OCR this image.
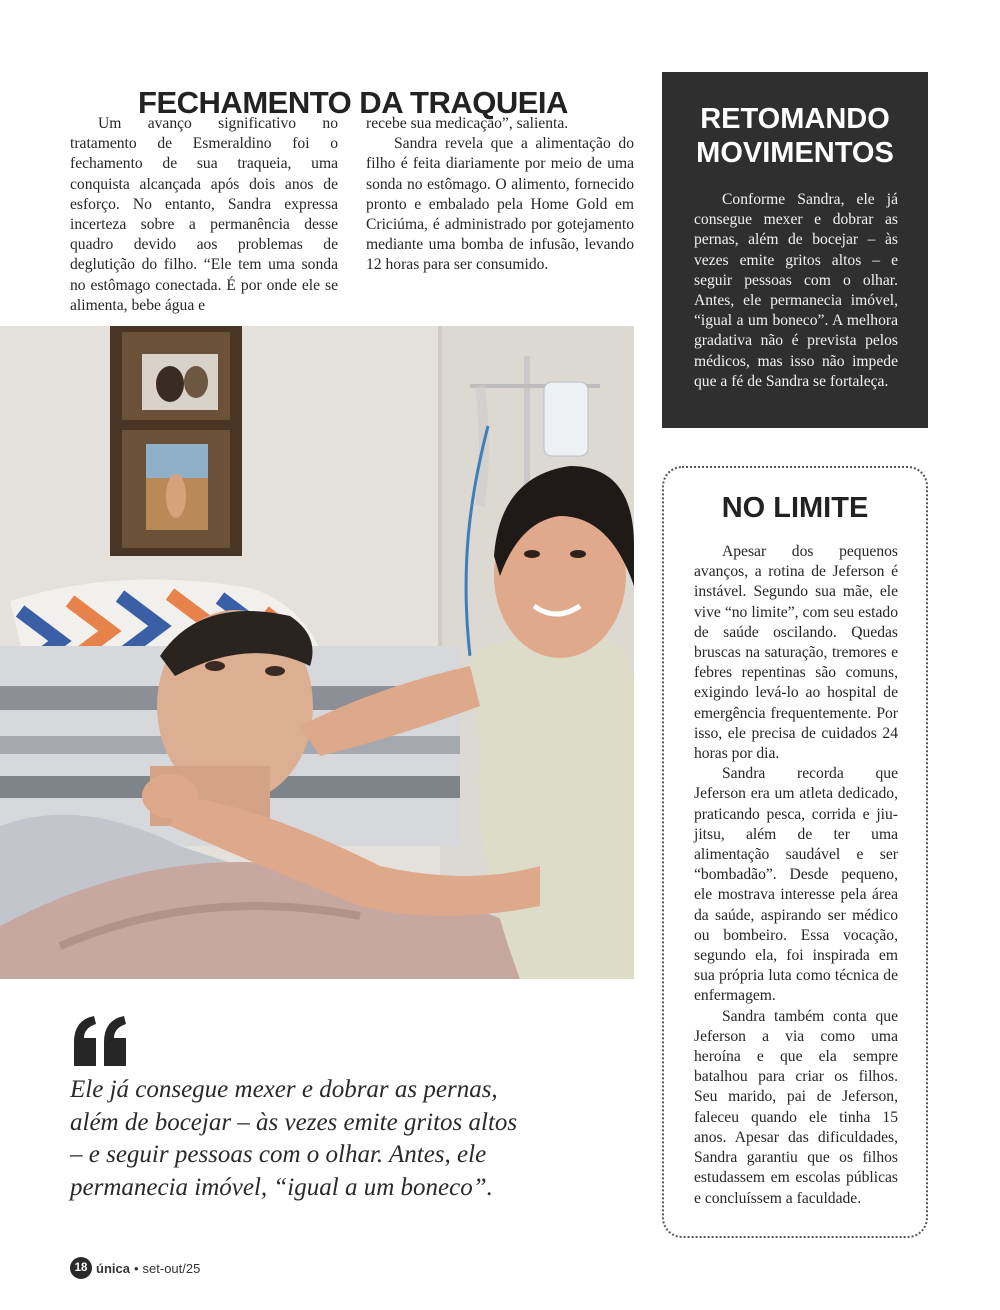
FECHAMENTO DA TRAQUEIA

Um avanço significativo no tratamento de Esmeraldino foi o fechamento de sua traqueia, uma conquista alcançada após dois anos de esforço. No entanto, Sandra expressa incerteza sobre a permanência desse quadro devido aos problemas de deglutição do filho. “Ele tem uma sonda no estômago conectada. É por onde ele se alimenta, bebe água e

recebe sua medicação”, salienta.

Sandra revela que a alimentação do filho é feita diariamente por meio de uma sonda no estômago. O alimento, fornecido pronto e embalado pela Home Gold em Criciúma, é administrado por gotejamento mediante uma bomba de infusão, levando 12 horas para ser consumido.

RETOMANDO MOVIMENTOS

Conforme Sandra, ele já consegue mexer e dobrar as pernas, além de bocejar – às vezes emite gritos altos – e seguir pessoas com o olhar. Antes, ele permanecia imóvel, “igual a um boneco”. A melhora gradativa não é prevista pelos médicos, mas isso não impede que a fé de Sandra se fortaleça.

NO LIMITE

Apesar dos pequenos avanços, a rotina de Jeferson é instável. Segundo sua mãe, ele vive “no limite”, com seu estado de saúde oscilando. Quedas bruscas na saturação, tremores e febres repentinas são comuns, exigindo levá-lo ao hospital de emergência frequentemente. Por isso, ele precisa de cuidados 24 horas por dia.

Sandra recorda que Jeferson era um atleta dedicado, praticando pesca, corrida e jiu-jitsu, além de ter uma alimentação saudável e ser “bombadão”. Desde pequeno, ele mostrava interesse pela área da saúde, aspirando ser médico ou bombeiro. Essa vocação, segundo ela, foi inspirada em sua própria luta como técnica de enfermagem.

Sandra também conta que Jeferson a via como uma heroína e que ela sempre batalhou para criar os filhos. Seu marido, pai de Jeferson, faleceu quando ele tinha 15 anos. Apesar das dificuldades, Sandra garantiu que os filhos estudassem em escolas públicas e concluíssem a faculdade.

Ele já consegue mexer e dobrar as pernas, além de bocejar – às vezes emite gritos altos – e seguir pessoas com o olhar. Antes, ele permanecia imóvel, “igual a um boneco”.

18 única • set-out/25
